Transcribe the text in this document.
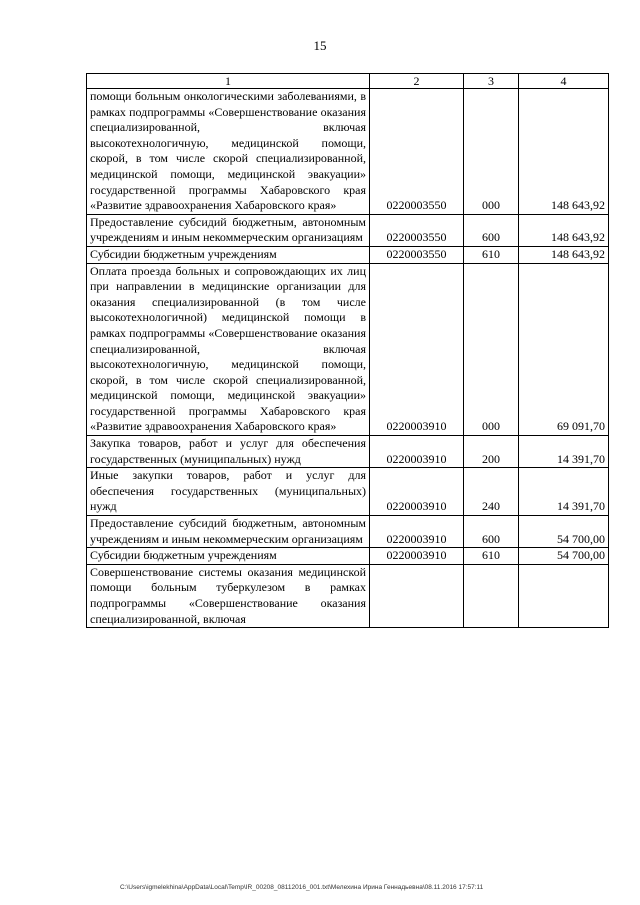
15
1	2	3	4
помощи больным онкологическими заболеваниями, в рамках подпрограммы «Совершенствование оказания специализированной, включая высокотехнологичную, медицинской помощи, скорой, в том числе скорой специализированной, медицинской помощи, медицинской эвакуации» государственной программы Хабаровского края «Развитие здравоохранения Хабаровского края»	0220003550	000	148 643,92
Предоставление субсидий бюджетным, автономным учреждениям и иным некоммерческим организациям	0220003550	600	148 643,92
Субсидии бюджетным учреждениям	0220003550	610	148 643,92
Оплата проезда больных и сопровождающих их лиц при направлении в медицинские организации для оказания специализированной (в том числе высокотехнологичной) медицинской помощи в рамках подпрограммы «Совершенствование оказания специализированной, включая высокотехнологичную, медицинской помощи, скорой, в том числе скорой специализированной, медицинской помощи, медицинской эвакуации» государственной программы Хабаровского края «Развитие здравоохранения Хабаровского края»	0220003910	000	69 091,70
Закупка товаров, работ и услуг для обеспечения государственных (муниципальных) нужд	0220003910	200	14 391,70
Иные закупки товаров, работ и услуг для обеспечения государственных (муниципальных) нужд	0220003910	240	14 391,70
Предоставление субсидий бюджетным, автономным учреждениям и иным некоммерческим организациям	0220003910	600	54 700,00
Субсидии бюджетным учреждениям	0220003910	610	54 700,00
Совершенствование системы оказания медицинской помощи больным туберкулезом в рамках подпрограммы «Совершенствование оказания специализированной, включая			
C:\Users\igmelekhina\AppData\Local\Temp\IR_00208_08112016_001.txt\Мелехина Ирина Геннадьевна\08.11.2016 17:57:11
